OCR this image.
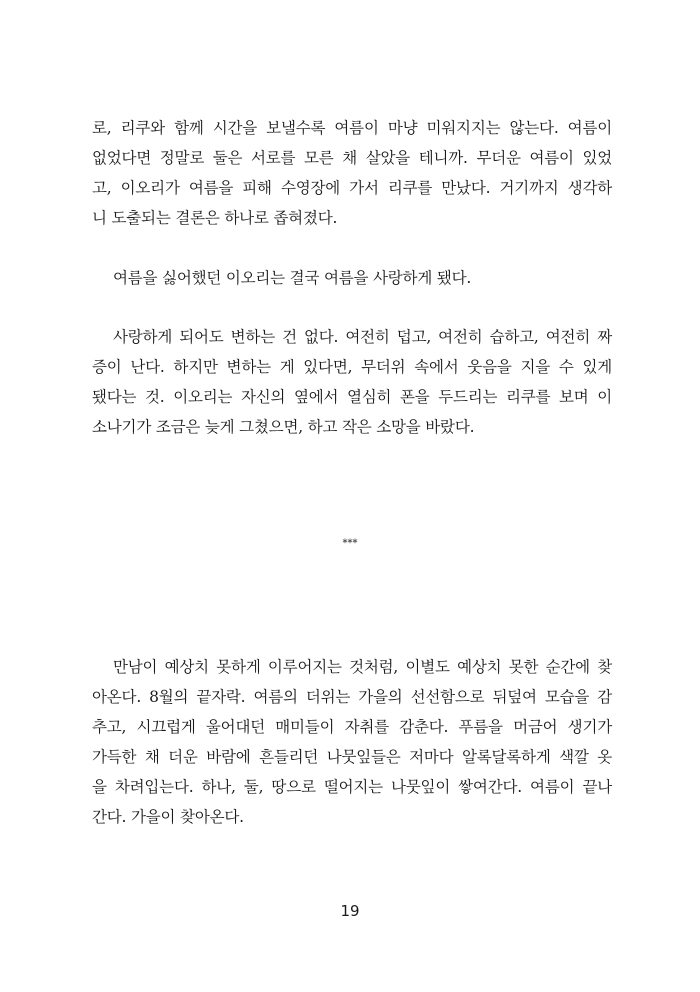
로, 리쿠와 함께 시간을 보낼수록 여름이 마냥 미워지지는 않는다. 여름이
없었다면 정말로 둘은 서로를 모른 채 살았을 테니까. 무더운 여름이 있었
고, 이오리가 여름을 피해 수영장에 가서 리쿠를 만났다. 거기까지 생각하
니 도출되는 결론은 하나로 좁혀졌다.
여름을 싫어했던 이오리는 결국 여름을 사랑하게 됐다.
사랑하게 되어도 변하는 건 없다. 여전히 덥고, 여전히 습하고, 여전히 짜
증이 난다. 하지만 변하는 게 있다면, 무더위 속에서 웃음을 지을 수 있게
됐다는 것. 이오리는 자신의 옆에서 열심히 폰을 두드리는 리쿠를 보며 이
소나기가 조금은 늦게 그쳤으면, 하고 작은 소망을 바랐다.
***
만남이 예상치 못하게 이루어지는 것처럼, 이별도 예상치 못한 순간에 찾
아온다. 8월의 끝자락. 여름의 더위는 가을의 선선함으로 뒤덮여 모습을 감
추고, 시끄럽게 울어대던 매미들이 자취를 감춘다. 푸름을 머금어 생기가
가득한 채 더운 바람에 흔들리던 나뭇잎들은 저마다 알록달록하게 색깔 옷
을 차려입는다. 하나, 둘, 땅으로 떨어지는 나뭇잎이 쌓여간다. 여름이 끝나
간다. 가을이 찾아온다.
19
